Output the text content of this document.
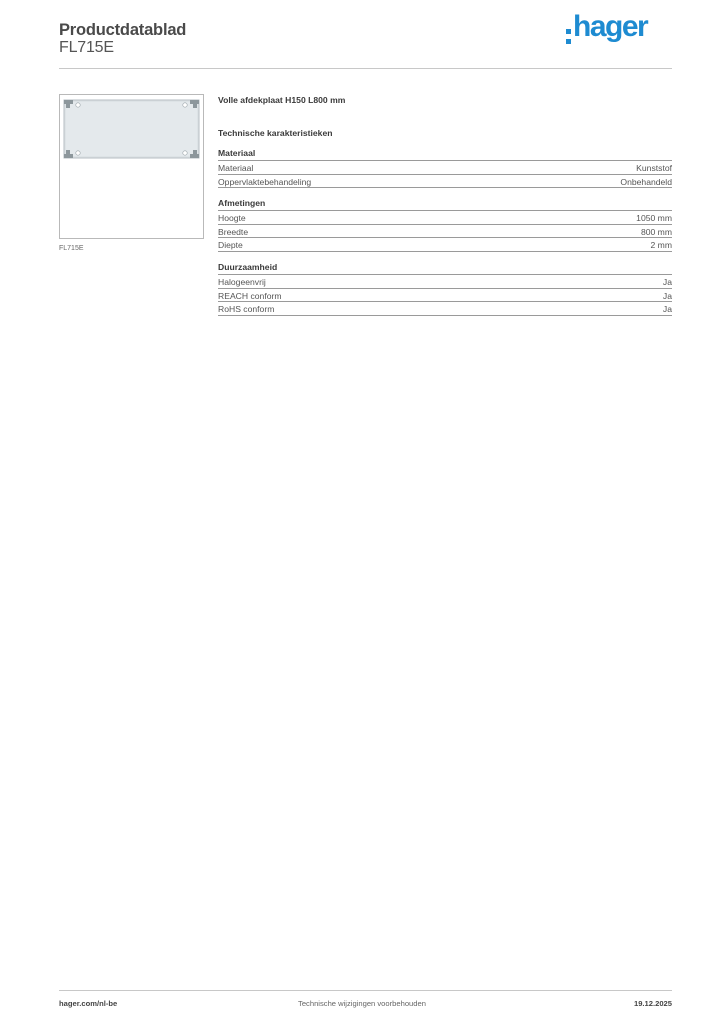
Productdatablad
FL715E
hager
FL715E
Volle afdekplaat H150 L800 mm
Technische karakteristieken
Materiaal
Materiaal	Kunststof
Oppervlaktebehandeling	Onbehandeld
Afmetingen
Hoogte	1050 mm
Breedte	800 mm
Diepte	2 mm
Duurzaamheid
Halogeenvrij	Ja
REACH conform	Ja
RoHS conform	Ja
hager.com/nl-be	Technische wijzigingen voorbehouden	19.12.2025
